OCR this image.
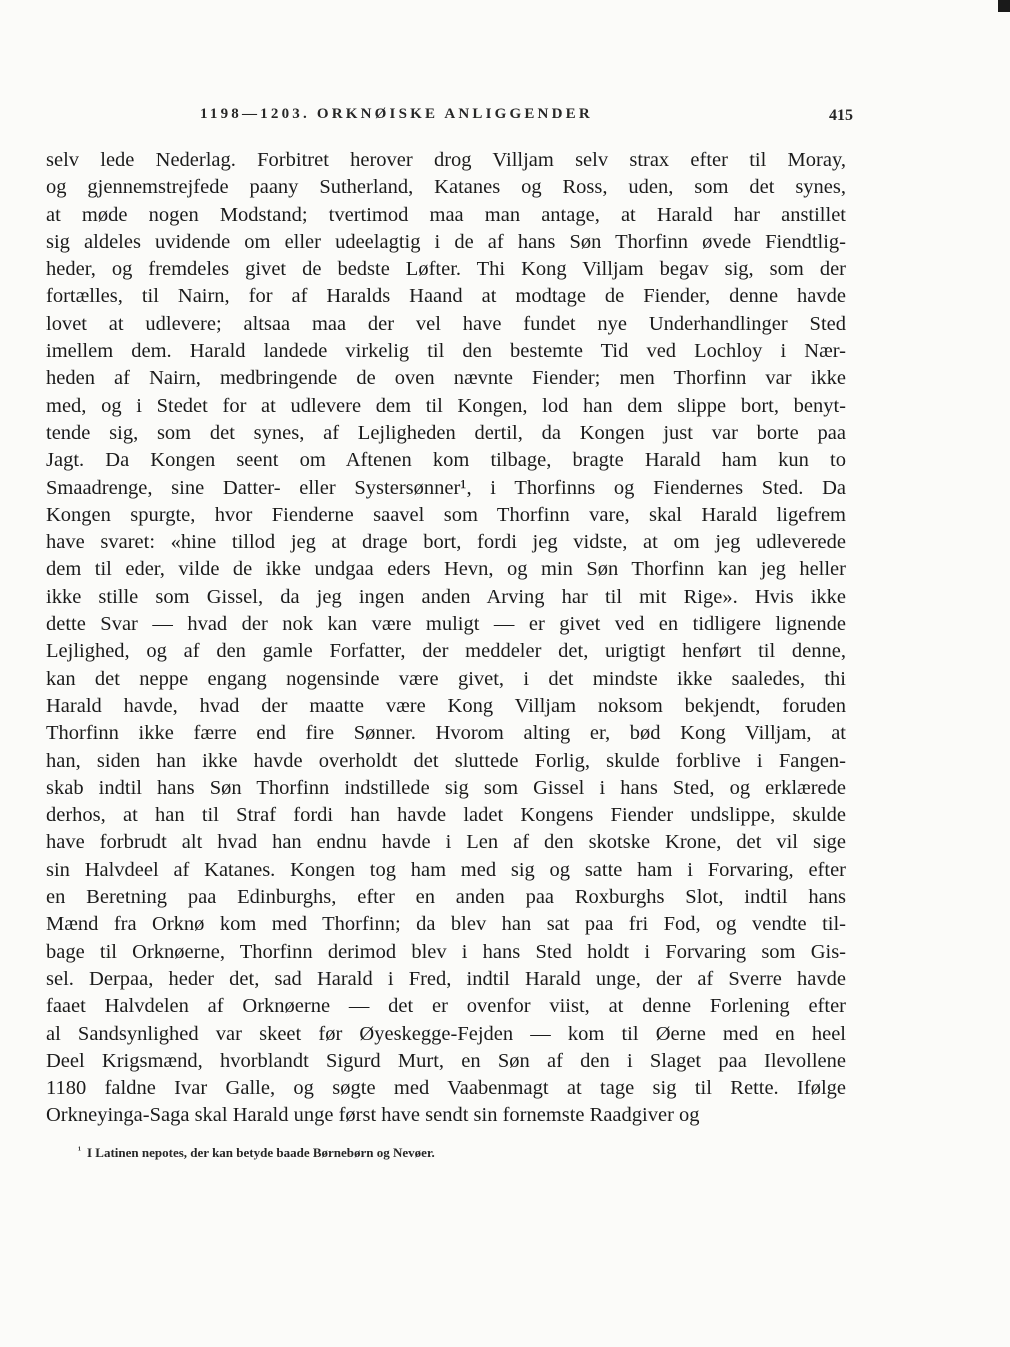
1198—1203. ORKNØISKE ANLIGGENDER	415
selv lede Nederlag. Forbitret herover drog Villjam selv strax efter til Moray,
og gjennemstrejfede paany Sutherland, Katanes og Ross, uden, som det synes,
at møde nogen Modstand; tvertimod maa man antage, at Harald har anstillet
sig aldeles uvidende om eller udeelagtig i de af hans Søn Thorfinn øvede Fiendtlig-
heder, og fremdeles givet de bedste Løfter. Thi Kong Villjam begav sig, som der
fortælles, til Nairn, for af Haralds Haand at modtage de Fiender, denne havde
lovet at udlevere; altsaa maa der vel have fundet nye Underhandlinger Sted
imellem dem. Harald landede virkelig til den bestemte Tid ved Lochloy i Nær-
heden af Nairn, medbringende de oven nævnte Fiender; men Thorfinn var ikke
med, og i Stedet for at udlevere dem til Kongen, lod han dem slippe bort, benyt-
tende sig, som det synes, af Lejligheden dertil, da Kongen just var borte paa
Jagt. Da Kongen seent om Aftenen kom tilbage, bragte Harald ham kun to
Smaadrenge, sine Datter- eller Systersønner¹, i Thorfinns og Fiendernes Sted. Da
Kongen spurgte, hvor Fienderne saavel som Thorfinn vare, skal Harald ligefrem
have svaret: «hine tillod jeg at drage bort, fordi jeg vidste, at om jeg udleverede
dem til eder, vilde de ikke undgaa eders Hevn, og min Søn Thorfinn kan jeg heller
ikke stille som Gissel, da jeg ingen anden Arving har til mit Rige». Hvis ikke
dette Svar — hvad der nok kan være muligt — er givet ved en tidligere lignende
Lejlighed, og af den gamle Forfatter, der meddeler det, urigtigt henført til denne,
kan det neppe engang nogensinde være givet, i det mindste ikke saaledes, thi
Harald havde, hvad der maatte være Kong Villjam noksom bekjendt, foruden
Thorfinn ikke færre end fire Sønner. Hvorom alting er, bød Kong Villjam, at
han, siden han ikke havde overholdt det sluttede Forlig, skulde forblive i Fangen-
skab indtil hans Søn Thorfinn indstillede sig som Gissel i hans Sted, og erklærede
derhos, at han til Straf fordi han havde ladet Kongens Fiender undslippe, skulde
have forbrudt alt hvad han endnu havde i Len af den skotske Krone, det vil sige
sin Halvdeel af Katanes. Kongen tog ham med sig og satte ham i Forvaring, efter
en Beretning paa Edinburghs, efter en anden paa Roxburghs Slot, indtil hans
Mænd fra Orknø kom med Thorfinn; da blev han sat paa fri Fod, og vendte til-
bage til Orknøerne, Thorfinn derimod blev i hans Sted holdt i Forvaring som Gis-
sel. Derpaa, heder det, sad Harald i Fred, indtil Harald unge, der af Sverre havde
faaet Halvdelen af Orknøerne — det er ovenfor viist, at denne Forlening efter
al Sandsynlighed var skeet før Øyeskegge-Fejden — kom til Øerne med en heel
Deel Krigsmænd, hvorblandt Sigurd Murt, en Søn af den i Slaget paa Ilevollene
1180 faldne Ivar Galle, og søgte med Vaabenmagt at tage sig til Rette. Ifølge
Orkneyinga-Saga skal Harald unge først have sendt sin fornemste Raadgiver og
$^{^1}$ I Latinen nepotes, der kan betyde baade Børnebørn og Nevøer.
